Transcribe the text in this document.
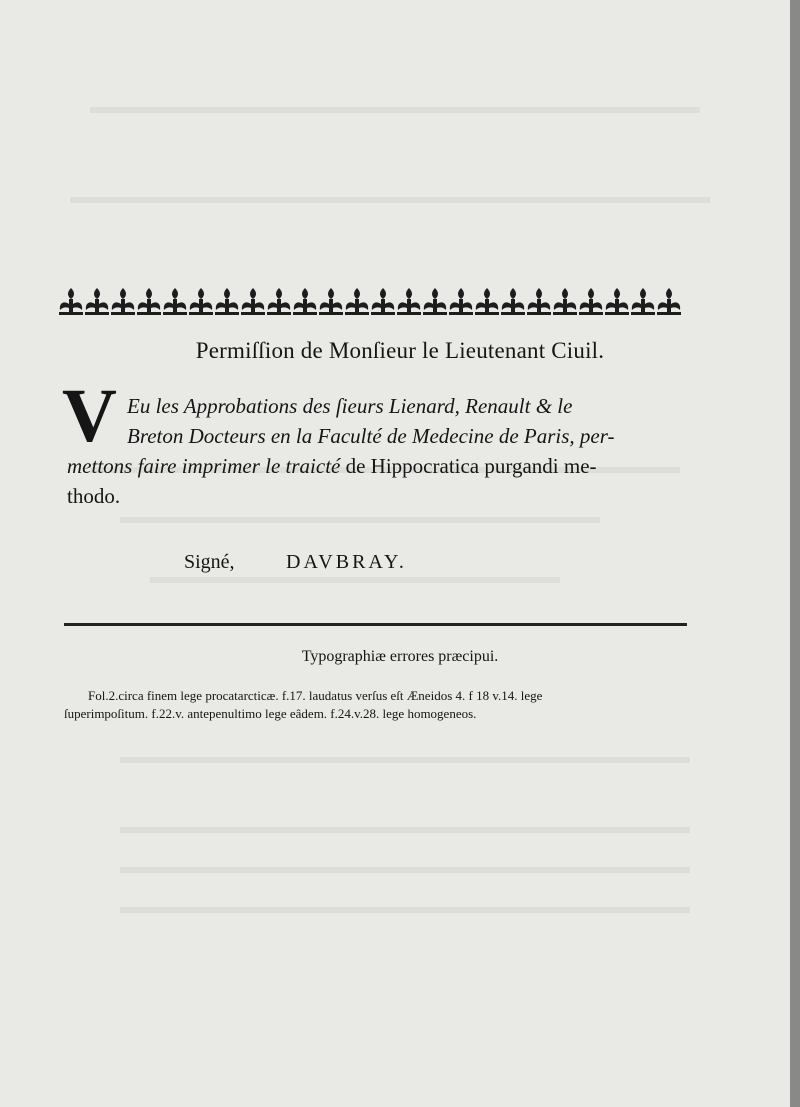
Permiſſion de Monſieur le Lieutenant Ciuil.
V Eu les Approbations des ſieurs Lienard, Renault & le
Breton Docteurs en la Faculté de Medecine de Paris, per-
mettons faire imprimer le traicté de Hippocratica purgandi me-
thodo.
Signé,	DAVBRAY.
Typographiæ errores præcipui.
Fol.2.circa finem lege procatarcticæ. f.17. laudatus verſus eſt Æneidos 4. f 18 v.14. lege
ſuperimpoſitum. f.22.v. antepenultimo lege eâdem. f.24.v.28. lege homogeneos.
